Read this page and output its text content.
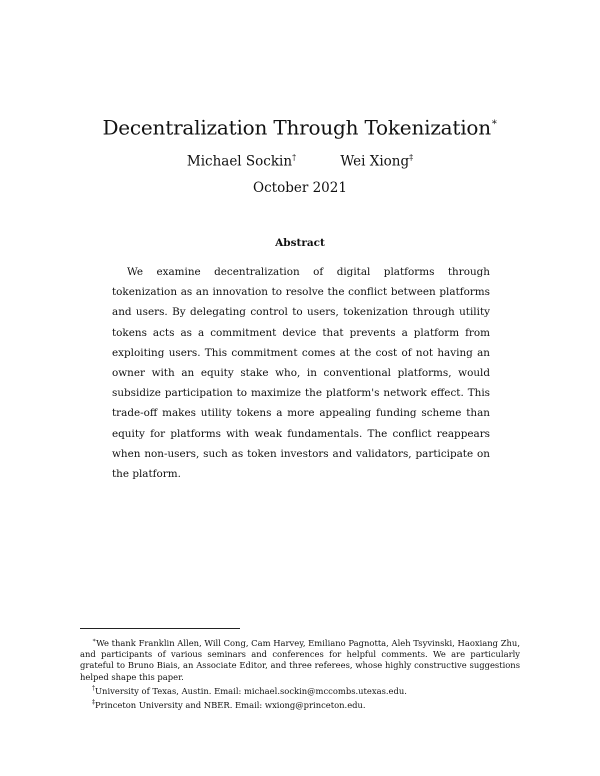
Decentralization Through Tokenization∗
Michael Sockin†	Wei Xiong‡
October 2021
Abstract

We examine decentralization of digital platforms through tokenization as an innovation to resolve the conflict between platforms and users. By delegating control to users, tokenization through utility tokens acts as a commitment device that prevents a platform from exploiting users. This commitment comes at the cost of not having an owner with an equity stake who, in conventional platforms, would subsidize participation to maximize the platform's network effect. This trade-off makes utility tokens a more appealing funding scheme than equity for platforms with weak fundamentals. The conflict reappears when non-users, such as token investors and validators, participate on the platform.

∗We thank Franklin Allen, Will Cong, Cam Harvey, Emiliano Pagnotta, Aleh Tsyvinski, Haoxiang Zhu, and participants of various seminars and conferences for helpful comments. We are particularly grateful to Bruno Biais, an Associate Editor, and three referees, whose highly constructive suggestions helped shape this paper.

†University of Texas, Austin. Email: michael.sockin@mccombs.utexas.edu.

‡Princeton University and NBER. Email: wxiong@princeton.edu.
